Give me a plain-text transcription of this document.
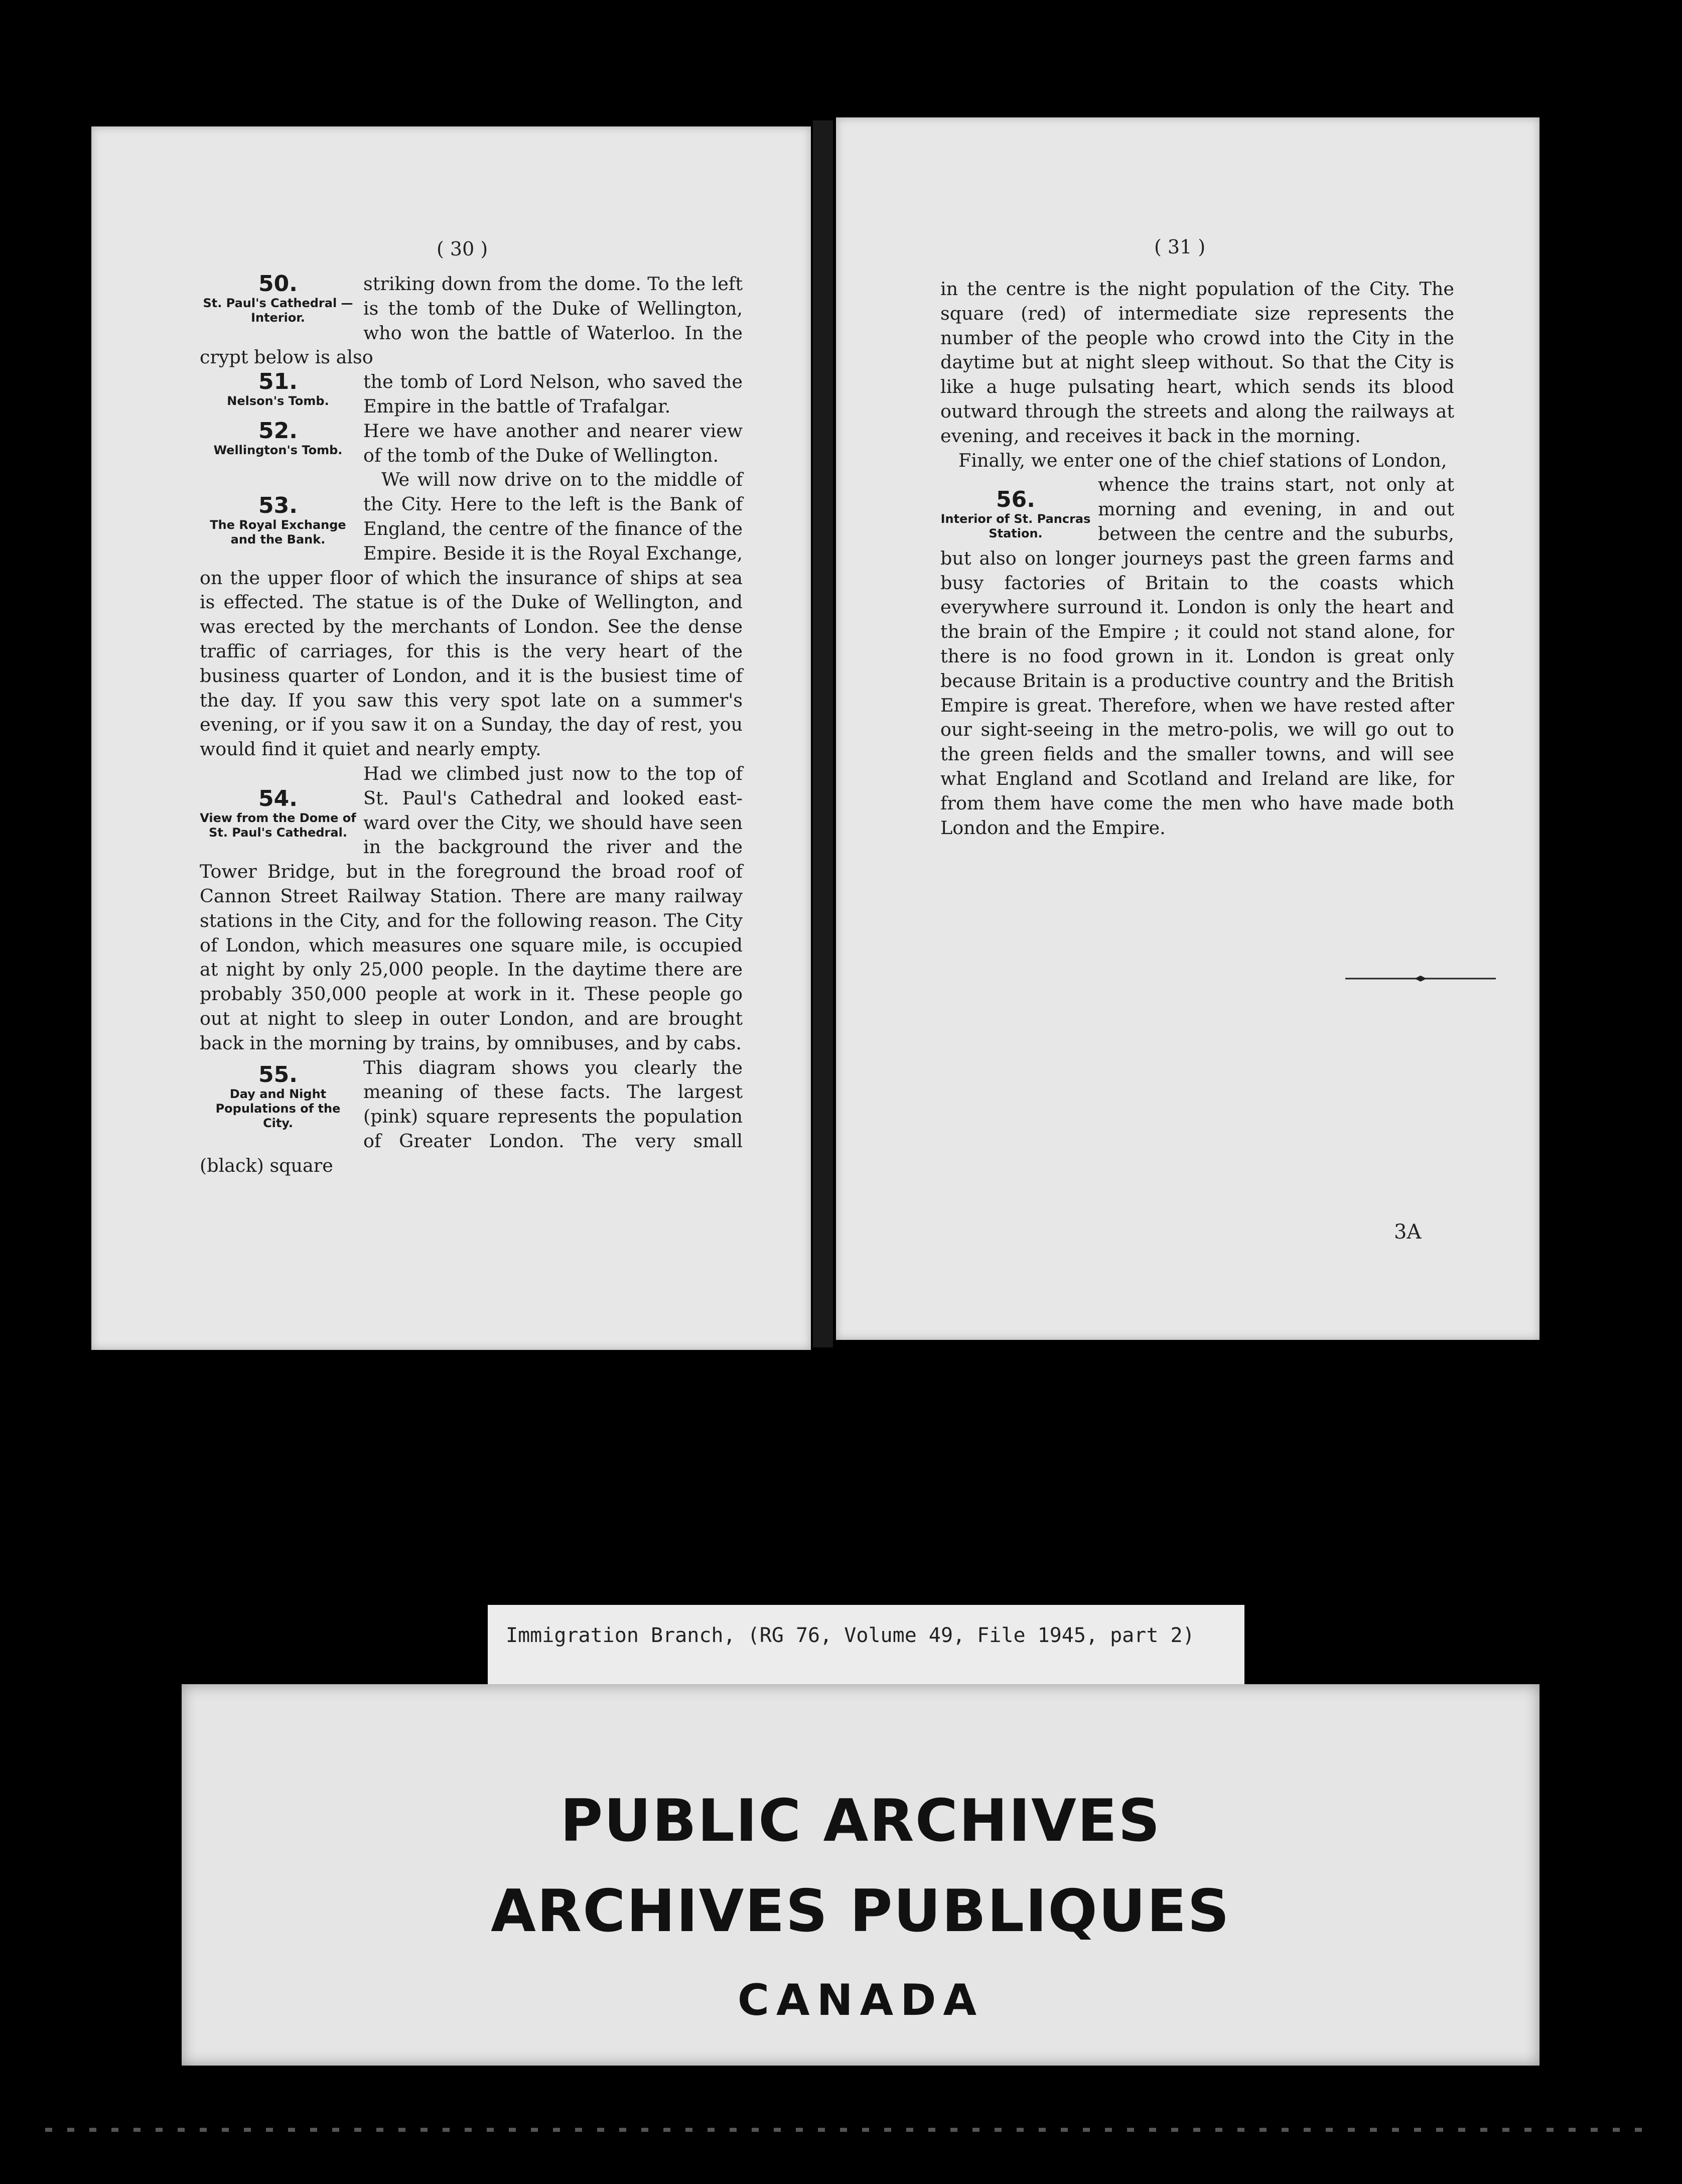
( 30 )

50.
St. Paul's Cathedral —Interior.
striking down from the dome. To the left is the tomb of the Duke of Wellington, who won the battle of Waterloo. In the crypt below is also

51.
Nelson's Tomb.
the tomb of Lord Nelson, who saved the Empire in the battle of Trafalgar.

52.
Wellington's Tomb.
Here we have another and nearer view of the tomb of the Duke of Wellington.

53.
The Royal Exchange and the Bank.
We will now drive on to the middle of the City. Here to the left is the Bank of England, the centre of the finance of the Empire. Beside it is the Royal Exchange, on the upper floor of which the insurance of ships at sea is effected. The statue is of the Duke of Wellington, and was erected by the merchants of London. See the dense traffic of carriages, for this is the very heart of the business quarter of London, and it is the busiest time of the day. If you saw this very spot late on a summer's evening, or if you saw it on a Sunday, the day of rest, you would find it quiet and nearly empty.

54.
View from the Dome of St. Paul's Cathedral.
Had we climbed just now to the top of St. Paul's Cathedral and looked east-ward over the City, we should have seen in the background the river and the Tower Bridge, but in the foreground the broad roof of Cannon Street Railway Station. There are many railway stations in the City, and for the following reason. The City of London, which measures one square mile, is occupied at night by only 25,000 people. In the daytime there are probably 350,000 people at work in it. These people go out at night to sleep in outer London, and are brought back in the morning by trains, by omnibuses, and by cabs.

55.
Day and Night Populations of the City.
This diagram shows you clearly the meaning of these facts. The largest (pink) square represents the population of Greater London. The very small (black) square

( 31 )

in the centre is the night population of the City. The square (red) of intermediate size represents the number of the people who crowd into the City in the daytime but at night sleep without. So that the City is like a huge pulsating heart, which sends its blood outward through the streets and along the railways at evening, and receives it back in the morning.

Finally, we enter one of the chief stations of London,

56.
Interior of St. Pancras Station.
whence the trains start, not only at morning and evening, in and out between the centre and the suburbs, but also on longer journeys past the green farms and busy factories of Britain to the coasts which everywhere surround it. London is only the heart and the brain of the Empire ; it could not stand alone, for there is no food grown in it. London is great only because Britain is a productive country and the British Empire is great. Therefore, when we have rested after our sight-seeing in the metro-polis, we will go out to the green fields and the smaller towns, and will see what England and Scotland and Ireland are like, for from them have come the men who have made both London and the Empire.

3A
Immigration Branch, (RG 76, Volume 49, File 1945, part 2)
PUBLIC ARCHIVES
ARCHIVES PUBLIQUES
CANADA
